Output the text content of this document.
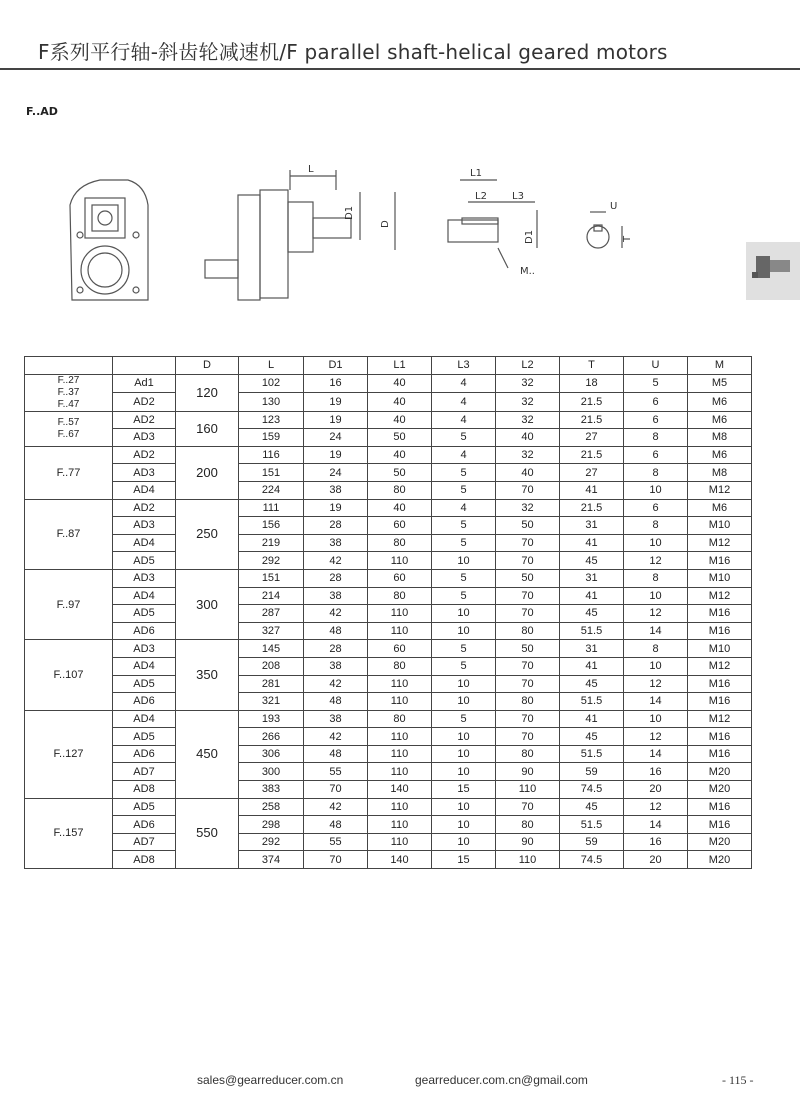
F系列平行轴-斜齿轮减速机/F parallel shaft-helical geared motors
F..AD
L
D1
D
L1
L2	L3
D1
M..
U
T
		D	L	D1	L1	L3	L2	T	U	M
F..27
F..37
F..47	Ad1	120	102	16	40	4	32	18	5	M5
	AD2		130	19	40	4	32	21.5	6	M6
F..57
F..67	AD2	160	123	19	40	4	32	21.5	6	M6
	AD3		159	24	50	5	40	27	8	M8
F..77	AD2	200	116	19	40	4	32	21.5	6	M6
	AD3		151	24	50	5	40	27	8	M8
	AD4		224	38	80	5	70	41	10	M12
F..87	AD2	250	111	19	40	4	32	21.5	6	M6
	AD3		156	28	60	5	50	31	8	M10
	AD4		219	38	80	5	70	41	10	M12
	AD5		292	42	110	10	70	45	12	M16
F..97	AD3	300	151	28	60	5	50	31	8	M10
	AD4		214	38	80	5	70	41	10	M12
	AD5		287	42	110	10	70	45	12	M16
	AD6		327	48	110	10	80	51.5	14	M16
F..107	AD3	350	145	28	60	5	50	31	8	M10
	AD4		208	38	80	5	70	41	10	M12
	AD5		281	42	110	10	70	45	12	M16
	AD6		321	48	110	10	80	51.5	14	M16
F..127	AD4	450	193	38	80	5	70	41	10	M12
	AD5		266	42	110	10	70	45	12	M16
	AD6		306	48	110	10	80	51.5	14	M16
	AD7		300	55	110	10	90	59	16	M20
	AD8		383	70	140	15	110	74.5	20	M20
F..157	AD5	550	258	42	110	10	70	45	12	M16
	AD6		298	48	110	10	80	51.5	14	M16
	AD7		292	55	110	10	90	59	16	M20
	AD8		374	70	140	15	110	74.5	20	M20
sales@gearreducer.com.cn	gearreducer.com.cn@gmail.com	- 115 -
